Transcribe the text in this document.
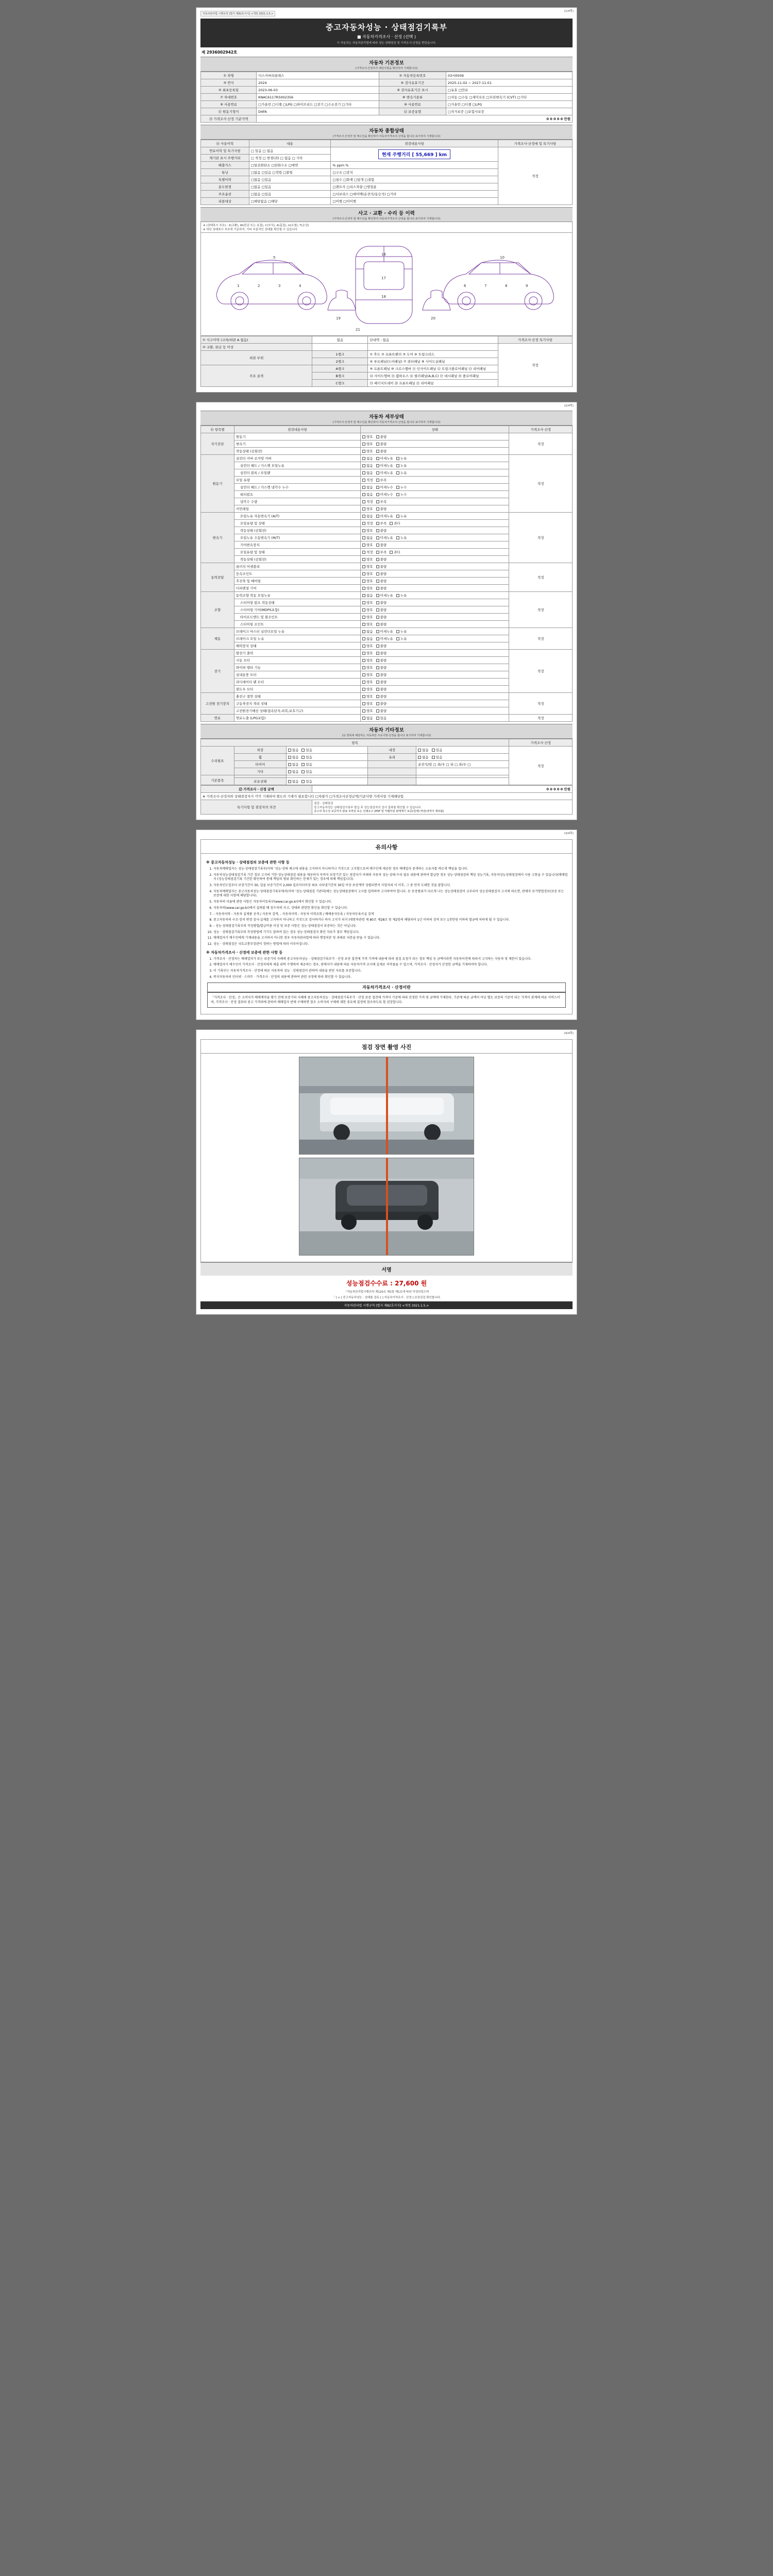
자동차관리법 시행규칙 [별지 제82호서식] <개정 2021.1.5.>
(1/4쪽)
중고자동차성능 · 상태점검기록부
■ 자동차가격조사 · 산정 (선택 )
이 자동차는 자동차관리법에 따라 성능·상태점검 및 가격조사·산정을 받았습니다.
제 2936002942호
자동차 기본정보
(가격조사·산정자가 해당사항을 확인하여 기재합니다)
① 차명	디스커버리클래스	② 자동차등록번호	03서0509
③ 연식	2024	④ 검사유효기간	2025-11-02 ~ 2027-11-01
⑤ 최초등록일	2023-06-03	⑥ 검사유효기간 표시	□유효 □만료
⑦ 차대번호	KNAC6117R5002356	⑧ 변속기종류	□자동 □수동 □세미오토 □무단변속기 (CVT) □기타
⑨ 사용연료	□가솔린 □디젤 □LPG □하이브리드 □전기 □수소전기 □기타	⑩ 사용연료	□가솔린 □디젤 □LPG
⑪ 원동기형식	D4FA	⑫ 보증유형	□자가보증 □보험사보증
⑬ 가격조사·산정 기준가액	0 0 0 0 0 만원		
자동차 종합상태
(가격조사·산정자 및 매수인을 확인하여 자동차가격조사·산정을 합니다 표기하여 기재합니다)
⑭ 사용이력	내용	점검내용사항	가격조사·산정에 및 특기사항
연료이력 및 특기사항	□ 있음 □ 없음	현재 주행거리 [ 55,669 ] km	적정
계기판 표시 주행거리	□ 적정 □ 변경(과) □ 없음 □ 기타		
배출가스	□일산화탄소 □탄화수소 □매연	% ppm %	
튜닝	□없음 □있음 □적법 □불법	□구조 □장치	
특별이력	□없음 □있음	□침수 □화재 □덮개 □결함	
용도변경	□없음 □있음	□렌트카 □리스차량 □영업용	
주요옵션	□없음 □있음	□서보리스 □에어백(운전석/동승석) □기타	
리콜대상	□해당없음 □해당	□이행 □미이행	
사고 · 교환 · 수리 등 이력
(가격조사·산정자 및 매수인을 확인하여 자동차가격조사·산정을 합니다 표기하여 기재합니다)
※ (상태표시 부호) : X(교환), W(판금 또는 용접), C(부식), A(흠집), U(요철), T(손상)
※ 하단 상태표시 부호에 기준하여, 기타 부분적인 상태를 확인할 수 있습니다
1	2	3	4
5
16
17
18
6	7	8	9
10
19	20
21
① 사고이력 (교차/외판 A 없음)	없음	단내역 : 없음	가격조사·산정 특기사항
② 교환, 판금 등 이상			적정
외판 부위	1랭크	① 후드 ② 프론트펜더 ③ 도어 ④ 트렁크리드	
	2랭크	⑤ 루프패널(도어패널) ⑦ 쿼터패널 ⑧ 사이드실패널	
주요 골격	A랭크	⑨ 프론트패널 ⑩ 크로스멤버 ⑪ 인사이드패널 ⑫ 트렁크플로어패널 ⑬ 리어패널	
	B랭크	⑭ 사이드멤버 ⑮ 휠하우스 ⑯ 필러패널(A,B,C) ⑰ 대시패널 ⑱ 플로어패널	
	C랭크	⑲ 패키지트레이 ⑳ 프론트패널 ㉑ 리어패널	
(2/4쪽)
자동차 세부상태
(가격조사·산정자 및 매수인을 확인하여 자동차가격조사·산정을 합니다 표기하여 기재합니다)
⑮ 항목별	점검내용사항	상태	가격조사·산정
자기진단	원동기	양호 불량	적정
	변속기	양호 불량	
	작동상태 (공회전)	양호 불량	
원동기	실린더 커버 로커암 커버	없음 미세누유 누유	적정
	실린더 헤드 / 가스켓 오일누유	없음 미세누유 누유	
	실린더 블록 / 오일팬	없음 미세누유 누유	
	오일 유량	적정 부족	
	실린더 헤드 / 가스켓 냉각수 누수	없음 미세누수 누수	
	워터펌프	없음 미세누수 누수	
	냉각수 수량	적정 부족	
	커먼레일	양호 불량	
변속기	오일누유 자동변속기 (A/T)	없음 미세누유 누유	적정
	오일유량 및 상태	적정 부족 과다	
	작동상태 (공회전)	양호 불량	
	오일누유 수동변속기 (M/T)	없음 미세누유 누유	
	기어변속장치	양호 불량	
	오일유량 및 상태	적정 부족 과다	
	작동상태 (공회전)	양호 불량	
동력전달	클러치 어셈블리	양호 불량	적정
	등속조인트	양호 불량	
	추진축 및 베어링	양호 불량	
	디퍼렌셜 기어	양호 불량	
조향	동력조향 작동 오일누유	없음 미세누유 누유	적정
	스티어링 펌프 작동상태	양호 불량	
	스티어링 기어(MDPS포함)	양호 불량	
	타이로드엔드 및 볼조인트	양호 불량	
	스티어링 조인트	양호 불량	
제동	브레이크 마스터 실린더오일 누유	없음 미세누유 누유	적정
	브레이크 오일 누유	없음 미세누유 누유	
	배력장치 상태	양호 불량	
전기	발전기 출력	양호 불량	적정
	시동 모터	양호 불량	
	와이퍼 델타 기능	양호 불량	
	실내송풍 모터	양호 불량	
	라디에이터 팬 모터	양호 불량	
	윈도우 모터	양호 불량	
고전원 전기장치	충전구 절연 상태	양호 불량	적정
	구동축전지 격리 상태	양호 불량	
	고전원전기배선 상태(접속단자,피복,보호기구)	양호 불량	
연료	연료누출 (LPG포함)	없음 있음	적정
자동차 기타정보
(⑯ 항목에 해당하는 자동차만 주요사항·산정을 합니다 표기하여 기재합니다)
항목					가격조사·산정
수리필요	외장	없음 있음	내장	없음 있음	적정
	휠	없음 있음	유리	없음 있음	
	타이어	없음 있음		운전석/앞 □ 좌/우 □ 뒤 □ 좌/우 □	
	기타	없음 있음			
기본품목					
	보유상태	없음 있음			
⑰ 가격조사 · 산정 금액	0 0 0 0 0 만원
※ 가격조사·산정자와 상태점검자가 각각 기재하여 별도의 기재가 필요합니다 □차량가 □가격조사산정금액/기준사양 가격사항 기재해당함	
특기사항 및 점검자의 의견	점검 · 상태점검
중고자동차성능·상태점검기록부 발급 후 성능점검자의 검사 결과를 확인할 수 있습니다.
중고차 특수성 보증까지 완료 모바일 또는 인쇄요구 (PDF 및 카랩부담 판매계기 보증(업체) 버전(내역서 제외됨)
(3/4쪽)
유의사항
※ 중고자동차성능 · 상태점검의 보증에 관한 사항 등
1. 자동차매매업자는 성능·상태점검기록부(이하 '성능·상태 체크에 내용을 고지하지 아니하거나 거짓으로 고지함으로써 매수인에 제공한 경우 매매업자 중개하는 소유자를 바르게 책임을 집니다.
2. 자동차성능상태점검기록 기간 정보 고지의 기한·성능상태점검 내용을 제공하지 아버지 보장기간 있는 점검자가 아래의 자동차 성능·상태·수리 필요 내용에 관하여 발급한 경우 성능·상태점검의 책임 성능기록, 자동차성능상태점검에서 사용 고통을 수 있습니다(매매업자 (성능상태점검기록 기간한 확인하여 통해 책임의 범위 확인하는 문제가 있는 경우에 의해 책임집니다).
3. 자동차인도일부터 보장기간이 30, 일을 보증기간이 2,000 킬로미터이상 최초 나타냄기간의 30일 이상 보증계약 성립되면서 사업자의 이 이후, 그 중 먼저 도래한 것을 말합니다.
4. 자동차매매업자는 중고자동차성능·상태점검기록부에서(이하 '성능·상태점검 기관의)에는 성능상태점검에서 고시를 입력하여 고지하여야 합니다. 등 보장범위가 다르게 나는 성능상태점검이 교부되어 성능상태점검자 고지에 따르면, 판매자 보기방법정보(보증 또는 보증에 대한 사항에 해당합니다).
5. 자동차의 이륜에 관한 사항은 자동차이등록부(www.car.go.kr)에서 확인할 수 있습니다.
6. 자동차의(www.car.go.kr)에서 살펴볼 때 침수차의 사고, 상태와 관련한 확인을 확인할 수 있습니다.
7. - 자동차이력 : 자동차 실제품 공개 / 자동차 검색, - 자동차이력 : 자동차 이력조회 / 배배용자등록 / 자동차등록사실 검색
8. 중고자동차의 구조·장치 변경 검사·실제를 고지하지 아니하고 거짓으로 검사하거나 하지 고지가 되지 (대통차관련 제 80조 제28조 및 제2항의 해당되어 1년 이하의 징역 또는 1천만원 이하의 벌금에 처하게 될 수 있습니다.
9. - 성능·상태점검기록부의 작성방법/발급비용 이상 및 보증 사항은 성능·상태점검서 보증하는 것은 아닙니다.
10. 성능 · 상태점검기록부의 작성방법에 기기도 달하여 있는 경우 성능·상태점검자 확인 자료가 첨부 책임집니다.
11. 매매업자가 매수인에게 기재내용을 고지하지 아니한 경우 자동차관리법에 따라 행정처분 및 과태료 처분을 받을 수 있습니다.
12. 성능 · 상태점검은 국토교통부장관이 정하는 방법에 따라 이루어집니다.
※ 자동차가격조사 · 산정에 보증에 관한 사항 등
1. 가격조사 · 산정자는 매매업자가 또는 보증기의 사례에 중고자동차성능 · 상태점검기록부가 · 산정 보증 접견에 가격 가격에 내용에 따라 점검 요청가 되는 경우 책임 등 금액이라면 자동차이전에 따라서 고지하는 자동차 및 제한이 있습니다.
2. 매매업자가 매수인이 가격조사 · 산정자에게 제출 위탁 수행하여 제공하는 경우, 판매자가 내용에 따른 자동차가격 조사에 실제로 저작물을 수 있으며, 가격조사 · 산정자가 산정한 금액을 기재하여야 합니다.
3. 이 기록부는 자동차가격조사 · 산정에 따른 자동차의 성능 · 상태점검이 관하여 내용을 판단 자료를 보증합니다.
4. 복지자동차의 인터넷 · 스마트 · 가격조사 · 산정의 내용에 관하여 관련 규정에 따라 확인할 수 있습니다.
자동차가격조사 · 산정이란
「가격조사 · 산정」은 소비자가 매매계약을 맺기 전에 보증기의 사례에 중고자동차성능 · 상태점검기록부가 · 산정 보증 접견에 가격이 기준에 따라 산정한 가격 및 금액에 기재한다. 기준에 따른 금액이 아닌 별도 보증의 기준이 되는 가격이 관계에 따른 서비스이며, 가격조사 · 산정 결과의 중고 가격의에 관하여 매매업자 판매 구매하면 참조 소비자의 구매에 대한 중요에 결정에 참조하도록 할 권장합니다.
(4/4쪽)
점검 장면 촬영 사진
서명
성능점검수수료 : 27,600 원
「자동차관리법시행규칙 제120조 제1항 제1호에 따라 작성되었으며
「 [ ∨ ] 중고자동차성능 · 상태를 검토 [ ] 자동차가격조사 · 산정 ] 보장검검 확인합니다.
자동차관리법 시행규칙 [별지 제82호서식] <개정 2021.1.5.>
